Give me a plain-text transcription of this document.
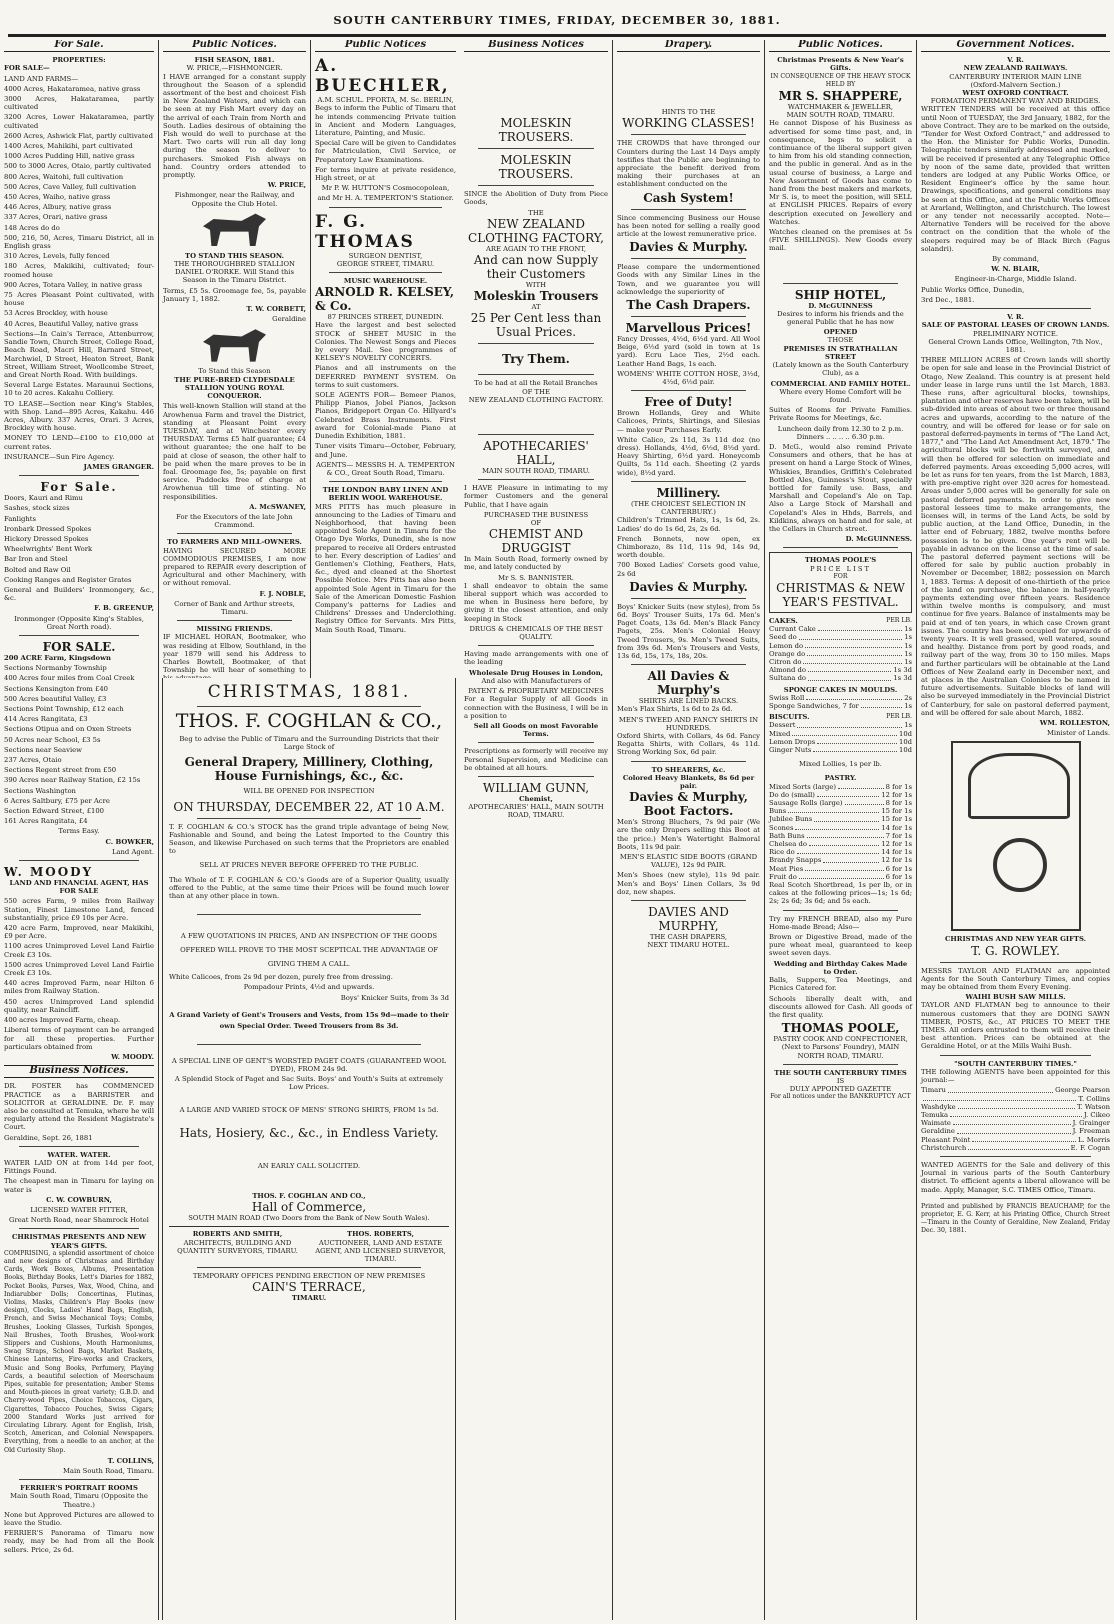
SOUTH CANTERBURY TIMES, FRIDAY, DECEMBER 30, 1881.
For Sale.
PROPERTIES:

FOR SALE—

LAND AND FARMS—

4000 Acres, Hakataramea, native grass

3000 Acres, Hakataramea, partly cultivated

3200 Acres, Lower Hakataramea, partly cultivated

2600 Acres, Ashwick Flat, partly cultivated

1400 Acres, Mahikihi, part cultivated

1000 Acres Pudding Hill, native grass

500 to 3000 Acres, Otaio, partly cultivated

800 Acres, Waitohi, full cultivation

500 Acres, Cave Valley, full cultivation

450 Acres, Waiho, native grass

446 Acres, Albury, native grass

337 Acres, Orari, native grass

148 Acres do do

500, 216, 50, Acres, Timaru District, all in English grass

310 Acres, Levels, fully fenced

180 Acres, Makikihi, cultivated; four-roomed house

900 Acres, Totara Valley, in native grass

75 Acres Pleasant Point cultivated, with house

53 Acres Brockley, with house

40 Acres, Beautiful Valley, native grass

Sections—In Cain's Terrace, Attenburrow, Sandie Town, Church Street, College Road, Beach Road, Macri Hill, Barnard Street, Marchwiel, D Street, Heaton Street, Bank Street, William Street, Woollcombe Street, and Great North Road. With buildings.

Several Large Estates. Maraunui Sections, 10 to 20 acres. Kakahu Colliery.

TO LEASE—Section near King's Stables, with Shop. Land—895 Acres, Kakahu. 446 Acres, Albury. 337 Acres, Orari. 3 Acres, Brockley with house.

MONEY TO LEND—£100 to £10,000 at current rates.

INSURANCE—Sun Fire Agency.

JAMES GRANGER.

For Sale.

Doors, Kauri and Rimu

Sashes, stock sizes

Fanlights

Ironbark Dressed Spokes

Hickory Dressed Spokes

Wheelwrights' Bent Work

Bar Iron and Steel

Bolted and Raw Oil

Cooking Ranges and Register Grates

General and Builders' Ironmongery, &c., &c.

F. B. GREENUP,

Ironmonger (Opposite King's Stables, Great North road).

FOR SALE.

200 ACRE Farm, Kingsdown

Sections Normanby Township

400 Acres four miles from Coal Creek

Sections Kensington from £40

500 Acres beautiful Valley, £3

Sections Point Township, £12 each

414 Acres Rangitata, £3

Sections Otipua and on Oxen Streets

50 Acres near School, £3 5s

Sections near Seaview

237 Acres, Otaio

Sections Regent street from £50

390 Acres near Railway Station, £2 15s

Sections Washington

6 Acres Saltbury, £75 per Acre

Section Edward Street, £100

161 Acres Rangitata, £4

Terms Easy.

C. BOWKER,

Land Agent.

W. MOODY

LAND AND FINANCIAL AGENT, HAS FOR SALE

550 acres Farm, 9 miles from Railway Station, Finest Limestone Land, fenced substantially, price £9 10s per Acre.

420 acre Farm, Improved, near Makikihi, £9 per Acre.

1100 acres Unimproved Level Land Fairlie Creek £3 10s.

1500 acres Unimproved Level Land Fairlie Creek £3 10s.

440 acres Improved Farm, near Hilton 6 miles from Railway Station.

450 acres Unimproved Land splendid quality, near Raincliff.

400 acres Improved Farm, cheap.

Liberal terms of payment can be arranged for all these properties. Further particulars obtained from

W. MOODY.

Business Notices.

DR. FOSTER has COMMENCED PRACTICE as a BARRISTER and SOLICITOR at GERALDINE. Dr. F. may also be consulted at Temuka, where he will regularly attend the Resident Magistrate's Court.

Geraldine, Sept. 26, 1881

WATER. WATER.

WATER LAID ON at from 14d per foot, Fittings Found.

The cheapest man in Timaru for laying on water is

C. W. COWBURN,

LICENSED WATER FITTER,

Great North Road, near Shamrock Hotel

CHRISTMAS PRESENTS AND NEW YEAR'S GIFTS.

COMPRISING, a splendid assortment of choice and new designs of Christmas and Birthday Cards, Work Boxes, Albums, Presentation Books, Birthday Books, Lett's Diaries for 1882, Pocket Books, Purses, Wax, Wood, China, and Indiarubber Dolls; Concertinas, Flutinas, Violins, Masks, Children's Play Books (new design), Clocks, Ladies' Hand Bags, English, French, and Swiss Mechanical Toys; Combs, Brushes, Looking Glasses, Turkish Sponges, Nail Brushes, Tooth Brushes, Wool-work Slippers and Cushions, Mouth Harmoniums, Swag Straps, School Bags, Market Baskets, Chinese Lanterns, Fire-works and Crackers, Music and Song Books, Perfumery, Playing Cards, a beautiful selection of Meerschaum Pipes, suitable for presentation; Amber Stems and Mouth-pieces in great variety; G.B.D. and Cherry-wood Pipes, Choice Tobaccos, Cigars, Cigarettes, Tobacco Pouches, Swiss Cigars; 2000 Standard Works just arrived for Circulating Library. Agent for English, Irish, Scotch, American, and Colonial Newspapers. Everything, from a needle to an anchor, at the Old Curiosity Shop.

T. COLLINS,

Main South Road, Timaru.

FERRIER'S PORTRAIT ROOMS

Main South Road, Timaru (Opposite the Theatre.)

None but Approved Pictures are allowed to leave the Studio.

FERRIER'S Panorama of Timaru now ready, may be had from all the Book sellers. Price, 2s 6d.

Public Notices.
FISH SEASON, 1881.
W. PRICE,—FISHMONGER.

I HAVE arranged for a constant supply throughout the Season of a splendid assortment of the best and choicest Fish in New Zealand Waters, and which can be seen at my Fish Mart every day on the arrival of each Train from North and South. Ladies desirous of obtaining the Fish would do well to purchase at the Mart. Two carts will run all day long during the season to deliver to purchasers. Smoked Fish always on hand. Country orders attended to promptly.

W. PRICE,

Fishmonger, near the Railway, and Opposite the Club Hotel.

TO STAND THIS SEASON.

THE THOROUGHBRED STALLION DANIEL O'RORKE. Will Stand this Season in the Timaru District.

Terms, £5 5s. Groomage fee, 5s, payable January 1, 1882.

T. W. CORBETT,

Geraldine

To Stand this Season

THE PURE-BRED CLYDESDALE STALLION YOUNG ROYAL CONQUEROR.

This well-known Stallion will stand at the Arowhenua Farm and travel the District, standing at Pleasant Point every TUESDAY, and at Winchester every THURSDAY. Terms £5 half guarantee; £4 without guarantee; the one half to be paid at close of season, the other half to be paid when the mare proves to be in foal. Groomage fee, 5s; payable on first service. Paddocks free of charge at Arowhenua till time of stinting. No responsibilities.

A. McSWANEY,

For the Executors of the late John Crammond.

TO FARMERS AND MILL-OWNERS.

HAVING SECURED MORE COMMODIOUS PREMISES, I am now prepared to REPAIR every description of Agricultural and other Machinery, with or without removal.

F. J. NOBLE,

Corner of Bank and Arthur streets, Timaru.

MISSING FRIENDS.

IF MICHAEL HORAN, Bootmaker, who was residing at Elbow, Southland, in the year 1879 will send his Address to Charles Bowtell, Bootmaker, of that Township he will hear of something to

Public Notices
A. BUECHLER,
A.M. SCHUL. PFORTA, M. Sc. BERLIN,

Begs to inform the Public of Timaru that he intends commencing Private tuition in Ancient and Modern Languages, Literature, Painting, and Music.

Special Care will be given to Candidates for Matriculation, Civil Service, or Preparatory Law Examinations.

For terms inquire at private residence, High street, or at

Mr P. W. HUTTON'S Cosmocopolean,

and Mr H. A. TEMPERTON'S Stationer.

F. G. THOMAS
SURGEON DENTIST,
GEORGE STREET, TIMARU.
MUSIC WAREHOUSE.
ARNOLD R. KELSEY, & Co.
87 PRINCES STREET, DUNEDIN.

Have the largest and best selected STOCK of SHEET MUSIC in the Colonies. The Newest Songs and Pieces by every Mail. See programmes of KELSEY'S NOVELTY CONCERTS.

Pianos and all instruments on the DEFERRED PAYMENT SYSTEM. On terms to suit customers.

SOLE AGENTS FOR— Bemeer Pianos, Philipp Pianos, Jobel Pianos, Jackson Pianos, Bridgeport Organ Co. Hillyard's Celebrated Brass Instruments. First award for Colonial-made Piano at Dunedin Exhibition, 1881.

Tuner visits Timaru—October, February, and June.

AGENTS— MESSRS H. A. TEMPERTON & CO., Great South Road, Timaru.

THE LONDON BABY LINEN AND BERLIN WOOL WAREHOUSE.

MRS PITTS has much pleasure in announcing to the Ladies of Timaru and Neighborhood, that having been appointed Sole Agent in Timaru for the Otago Dye Works, Dunedin, she is now prepared to receive all Orders entrusted to her. Every description of Ladies' and Gentlemen's Clothing, Feathers, Hats, &c., dyed and cleaned at the Shortest Possible Notice. Mrs Pitts has also been appointed Sole Agent in Timaru for the Sale of the American Domestic Fashion Company's patterns for Ladies and Childrens' Dresses and Underclothing. Registry Office for Servants. Mrs Pitts, Main South Road, Timaru.

CHRISTMAS, 1881.
THOS. F. COGHLAN & CO.,

Beg to advise the Public of Timaru and the Surrounding Districts that their Large Stock of

General Drapery, Millinery, Clothing, House Furnishings, &c., &c.
WILL BE OPENED FOR INSPECTION
ON THURSDAY, DECEMBER 22, AT 10 A.M.

T. F. COGHLAN & CO.'s STOCK has the grand triple advantage of being New, Fashionable and Sound, and being the Latest Imported to the Country this Season, and likewise Purchased on such terms that the Proprietors are enabled to

SELL AT PRICES NEVER BEFORE OFFERED TO THE PUBLIC.

The Whole of T. F. COGHLAN & CO.'s Goods are of a Superior Quality, usually offered to the Public, at the same time their Prices will be found much lower than at any other place in town.

A FEW QUOTATIONS IN PRICES, AND AN INSPECTION OF THE GOODS OFFERED WILL PROVE TO THE MOST SCEPTICAL THE ADVANTAGE OF GIVING THEM A CALL.

White Calicoes, from 2s 9d per dozen, purely free from dressing.

Pompadour Prints, 4½d and upwards.

Boys' Knicker Suits, from 3s 3d

A Grand Variety of Gent's Trousers and Vests, from 15s 9d—made to their own Special Order. Tweed Trousers from 8s 3d.

A SPECIAL LINE OF GENT'S WORSTED PAGET COATS (GUARANTEED WOOL DYED), FROM 24s 9d.

A Splendid Stock of Paget and Sac Suits. Boys' and Youth's Suits at extremely Low Prices.

A LARGE AND VARIED STOCK OF MENS' STRONG SHIRTS, FROM 1s 5d.

Hats, Hosiery, &c., &c., in Endless Variety.
AN EARLY CALL SOLICITED.
THOS. F. COGHLAN AND CO.,
Hall of Commerce,
SOUTH MAIN ROAD (Two Doors from the Bank of New South Wales).
ROBERTS AND SMITH,
ARCHITECTS, BUILDING AND QUANTITY SURVEYORS, TIMARU.
THOS. ROBERTS,
AUCTIONEER, LAND AND ESTATE AGENT, AND LICENSED SURVEYOR, TIMARU.
TEMPORARY OFFICES PENDING ERECTION OF NEW PREMISES
CAIN'S TERRACE,
TIMARU.
Business Notices
MOLESKIN TROUSERS.
MOLESKIN TROUSERS.

SINCE the Abolition of Duty from Piece Goods,

THE
NEW ZEALAND
CLOTHING FACTORY,
ARE AGAIN TO THE FRONT,
And can now Supply their Customers
WITH
Moleskin Trousers
AT
25 Per Cent less than Usual Prices.
Try Them.
To be had at all the Retail Branches
OF THE
NEW ZEALAND CLOTHING FACTORY.
APOTHECARIES' HALL,
MAIN SOUTH ROAD, TIMARU.

I HAVE Pleasure in intimating to my former Customers and the general Public, that I have again

PURCHASED THE BUSINESS
OF
CHEMIST AND DRUGGIST

In Main South Road, formerly owned by me, and lately conducted by

Mr S. S. BANNISTER.

I shall endeavor to obtain the same liberal support which was accorded to me when in Business here before, by giving it the closest attention, and only keeping in Stock

DRUGS & CHEMICALS OF THE BEST QUALITY.

Having made arrangements with one of the leading

Wholesale Drug Houses in London,

And also with Manufacturers of

PATENT & PROPRIETARY MEDICINES

For a Regular Supply of all Goods in connection with the Business, I will be in a position to

Sell all Goods on most Favorable Terms.

Prescriptions as formerly will receive my Personal Supervision, and Medicine can be obtained at all hours.

WILLIAM GUNN,
Chemist,
APOTHECARIES' HALL, MAIN SOUTH ROAD, TIMARU.
Drapery.
HINTS TO THE
WORKING CLASSES!

THE CROWDS that have thronged our Counters during the Last 14 Days amply testifies that the Public are beginning to appreciate the benefit derived from making their purchases at an establishment conducted on the

Cash System!

Since commencing Business our House has been noted for selling a really good article at the lowest remunerative price.

Davies & Murphy.

Please compare the undermentioned Goods with any Similar Lines in the Town, and we guarantee you will acknowledge the superiority of

The Cash Drapers.
Marvellous Prices!

Fancy Dresses, 4½d, 6½d yard. All Wool Beige, 6½d yard (sold in town at 1s yard). Ecru Lace Ties, 2½d each. Leather Hand Bags, 1s each.

WOMENS' WHITE COTTON HOSE, 3½d, 4½d, 6½d pair.

Free of Duty!

Brown Hollands, Grey and White Calicoes, Prints, Shirtings, and Silesias — make your Purchases Early.

White Calico, 2s 11d, 3s 11d doz (no dress). Hollands, 4½d, 6½d, 8½d yard. Heavy Shirting, 6½d yard. Honeycomb Quilts, 5s 11d each. Sheeting (2 yards wide), 8½d yard.

Millinery.
(THE CHOICEST SELECTION IN CANTERBURY.)

Children's Trimmed Hats, 1s, 1s 6d, 2s. Ladies' do do 1s 6d, 2s, 2s 6d.

French Bonnets, now open, ex Chimborazo, 8s 11d, 11s 9d, 14s 9d, worth double.

700 Boxed Ladies' Corsets good value, 2s 6d

Davies & Murphy.

Boys' Knicker Suits (new styles), from 5s 6d. Boys' Trouser Suits, 17s 6d. Men's Paget Coats, 13s 6d. Men's Black Fancy Pagets, 25s. Men's Colonial Heavy Tweed Trousers, 9s. Men's Tweed Suits, from 39s 6d. Men's Trousers and Vests, 13s 6d, 15s, 17s, 18s, 20s.

All Davies & Murphy's
SHIRTS ARE LINED BACKS.

Men's Flax Shirts, 1s 6d to 2s 6d.

MEN'S TWEED AND FANCY SHIRTS IN HUNDREDS.

Oxford Shirts, with Collars, 4s 6d. Fancy Regatta Shirts, with Collars, 4s 11d. Strong Working Sox, 6d pair.

TO SHEARERS, &c.
Colored Heavy Blankets, 8s 6d per pair.
Davies & Murphy, Boot Factors.

Men's Strong Bluchers, 7s 9d pair (We are the only Drapers selling this Boot at the price.) Men's Watertight Balmoral Boots, 11s 9d pair.

MEN'S ELASTIC SIDE BOOTS (GRAND VALUE), 12s 9d PAIR.

Men's Shoes (new style), 11s 9d pair. Men's and Boys' Linen Collars, 3s 9d doz, new shapes.

DAVIES AND MURPHY,
THE CASH DRAPERS,
NEXT TIMARU HOTEL.
Public Notices.
Christmas Presents & New Year's Gifts.
IN CONSEQUENCE OF THE HEAVY STOCK HELD BY
MR S. SHAPPERE,
WATCHMAKER & JEWELLER,
MAIN SOUTH ROAD, TIMARU.

He cannot Dispose of his Business as advertised for some time past, and, in consequence, begs to solicit a continuance of the liberal support given to him from his old standing connection, and the public in general. And as in the usual course of business, a Large and New Assortment of Goods has come to hand from the best makers and markets, Mr S. is, to meet the position, will SELL at ENGLISH PRICES. Repairs of every description executed on Jewellery and Watches.

Watches cleaned on the premises at 5s (FIVE SHILLINGS). New Goods every mail.

SHIP HOTEL,
D. McGUINNESS

Desires to inform his friends and the general Public that he has now

OPENED
THOSE
PREMISES IN STRATHALLAN STREET

(Lately known as the South Canterbury Club), as a

COMMERCIAL AND FAMILY HOTEL.

Where every Home Comfort will be found.

Suites of Rooms for Private Families. Private Rooms for Meetings, &c.

Luncheon daily from 12.30 to 2 p.m. Dinners .. .. .. .. 6.30 p.m.

D. McG., would also remind Private Consumers and others, that he has at present on hand a Large Stock of Wines, Whiskies, Brandies, Griffith's Celebrated Bottled Ales, Guinness's Stout, specially bottled for family use. Bass, and Marshall and Copeland's Ale on Tap. Also a Large Stock of Marshall and Copeland's Ales in Hhds, Barrels, and Kildkins, always on hand and for sale, at the Cellars in Church street.

D. McGUINNESS.

THOMAS POOLE'S
PRICE LIST
FOR
CHRISTMAS & NEW YEAR'S FESTIVAL.
CAKES.	PER LB.
Currant Cake	1s
Seed do	1s
Lemon do	1s
Orange do	1s
Citron do	1s
Almond do	1s 3d
Sultana do	1s 3d
SPONGE CAKES IN MOULDS.
Swiss Roll	2s
Sponge Sandwiches, 7 for	1s
BISCUITS.	PER LB.
Dessert	1s
Mixed	10d
Lemon Drops	10d
Ginger Nuts	10d

Mixed Lollies, 1s per lb.

PASTRY.
Mixed Sorts (large)	8 for 1s
Do do (small)	12 for 1s
Sausage Rolls (large)	8 for 1s
Buns	15 for 1s
Jubilee Buns	15 for 1s
Scones	14 for 1s
Bath Buns	7 for 1s
Chelsea do	12 for 1s
Rice do	14 for 1s
Brandy Snapps	12 for 1s
Meat Pies	6 for 1s
Fruit do	6 for 1s

Real Scotch Shortbread, 1s per lb, or in cakes at the following prices—1s; 1s 6d; 2s; 2s 6d; 3s 6d; and 5s each.

Try my FRENCH BREAD, also my Pure Home-made Bread; Also—

Brown or Digestive Bread, made of the pure wheat meal, guaranteed to keep sweet seven days.

Wedding and Birthday Cakes Made to Order.

Balls, Suppers, Tea Meetings, and Picnics Catered for.

Schools liberally dealt with, and discounts allowed for Cash. All goods of the first quality.

THOMAS POOLE,
PASTRY COOK AND CONFECTIONER,
(Next to Parsons' Foundry), MAIN NORTH ROAD, TIMARU.
THE SOUTH CANTERBURY TIMES
IS
DULY APPOINTED GAZETTE
For all notices under the BANKRUPTCY ACT
Government Notices.
V. R.
NEW ZEALAND RAILWAYS.
CANTERBURY INTERIOR MAIN LINE
(Oxford-Malvern Section.)
WEST OXFORD CONTRACT.
FORMATION PERMANENT WAY AND BRIDGES.

WRITTEN TENDERS will be received at this office until Noon of TUESDAY, the 3rd January, 1882, for the above Contract. They are to be marked on the outside, "Tender for West Oxford Contract," and addressed to the Hon. the Minister for Public Works, Dunedin. Telegraphic tenders similarly addressed and marked, will be received if presented at any Telegraphic Office by noon of the same date, provided that written tenders are lodged at any Public Works Office, or Resident Engineer's office by the same hour. Drawings, specifications, and general conditions may be seen at this Office, and at the Public Works Offices at Ararland, Wellington, and Christchurch. The lowest or any tender not necessarily accepted. Note—Alternative Tenders will be received for the above contract on the condition that the whole of the sleepers required may be of Black Birch (Fagus solandri).

By command,

W. N. BLAIR,

Engineer-in-Charge, Middle Island.

Public Works Office, Dunedin,

3rd Dec., 1881.

V. R.
SALE OF PASTORAL LEASES OF CROWN LANDS.
PRELIMINARY NOTICE.

General Crown Lands Office, Wellington, 7th Nov., 1881.

THREE MILLION ACRES of Crown lands will shortly be open for sale and lease in the Provincial District of Otago, New Zealand. This country is at present held under lease in large runs until the 1st March, 1883. These runs, after agricultural blocks, townships, plantation and other reserves have been taken, will be sub-divided into areas of about two or three thousand acres and upwards, according to the nature of the country, and will be offered for lease or for sale on pastoral deferred-payments in terms of "The Land Act, 1877," and "The Land Act Amendment Act, 1879." The agricultural blocks will be forthwith surveyed, and will then be offered for selection on immediate and deferred payments. Areas exceeding 5,000 acres, will be let as runs for ten years, from the 1st March, 1883, with pre-emptive right over 320 acres for homestead. Areas under 5,000 acres will be generally for sale on pastoral deferred payments. In order to give new pastoral lessees time to make arrangements, the licenses will, in terms of the Land Acts, be sold by public auction, at the Land Office, Dunedin, in the latter end of February, 1882, twelve months before possession is to be given. One year's rent will be payable in advance on the license at the time of sale. The pastoral deferred payment sections will be offered for sale by public auction probably in November or December, 1882; possession on March 1, 1883. Terms: A deposit of one-thirtieth of the price of the land on purchase, the balance in half-yearly payments extending over fifteen years. Residence within twelve months is compulsory, and must continue for five years. Balance of instalments may be paid at end of ten years, in which case Crown grant issues. The country has been occupied for upwards of twenty years. It is well grassed, well watered, sound and healthy. Distance from port by good roads, and railway part of the way, from 30 to 150 miles. Maps and further particulars will be obtainable at the Land Offices of New Zealand early in December next, and at places in the Australian Colonies to be named in future advertisements. Suitable blocks of land will also be surveyed immediately in the Provincial District of Canterbury, for sale on pastoral deferred payment, and will be offered for sale about March, 1882.

WM. ROLLESTON,

Minister of Lands.

CHRISTMAS AND NEW YEAR GIFTS.
T. G. ROWLEY.

MESSRS TAYLOR AND FLATMAN are appointed Agents for the South Canterbury Times, and copies may be obtained from them Every Evening.

WAIHI BUSH SAW MILLS.

TAYLOR AND FLATMAN beg to announce to their numerous customers that they are DOING SAWN TIMBER, POSTS, &c., AT PRICES TO MEET THE TIMES. All orders entrusted to them will receive their best attention. Prices can be obtained at the Geraldine Hotel, or at the Mills Waihi Bush.

"SOUTH CANTERBURY TIMES."

THE following AGENTS have been appointed for this journal:—

Timaru	George Pearson
T. Collins
Washdyke	T. Watson
Temuka	J. Cikeo
Waimate	J. Grainger
Geraldine	J. Freeman
Pleasant Point	L. Morris
Christchurch	E. F. Cogan

WANTED AGENTS for the Sale and delivery of this Journal in various parts of the South Canterbury district. To efficient agents a liberal allowance will be made. Apply, Manager, S.C. TIMES Office, Timaru.

Printed and published by FRANCIS BEAUCHAMP, for the proprietor, E. G. Kerr, at his Printing Office, Church Street—Timaru in the County of Geraldine, New Zealand, Friday Dec. 30, 1881.
